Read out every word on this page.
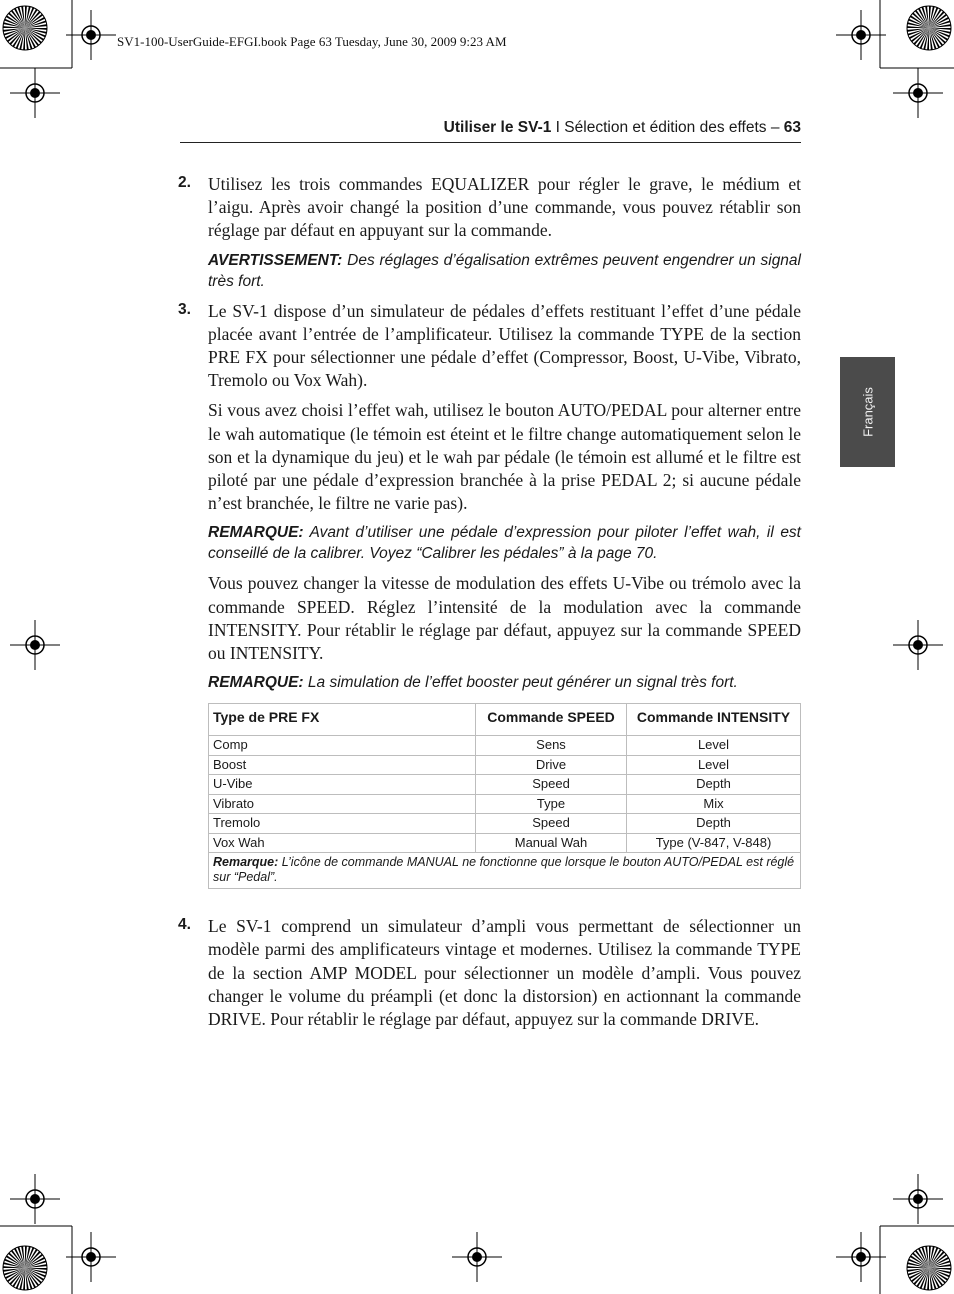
SV1-100-UserGuide-EFGI.book Page 63 Tuesday, June 30, 2009 9:23 AM
Utiliser le SV-1 I Sélection et édition des effets – 63
Français
2. Utilisez les trois commandes EQUALIZER pour régler le grave, le médium et l’aigu. Après avoir changé la position d’une commande, vous pouvez rétablir son réglage par défaut en appuyant sur la commande.

AVERTISSEMENT: Des réglages d’égalisation extrêmes peuvent engendrer un signal très fort.

3. Le SV-1 dispose d’un simulateur de pédales d’effets restituant l’effet d’une pédale placée avant l’entrée de l’amplificateur. Utilisez la commande TYPE de la section PRE FX pour sélectionner une pédale d’effet (Compressor, Boost, U-Vibe, Vibrato, Tremolo ou Vox Wah).

Si vous avez choisi l’effet wah, utilisez le bouton AUTO/PEDAL pour alterner entre le wah automatique (le témoin est éteint et le filtre change automatiquement selon le son et la dynamique du jeu) et le wah par pédale (le témoin est allumé et le filtre est piloté par une pédale d’expression branchée à la prise PEDAL 2; si aucune pédale n’est branchée, le filtre ne varie pas).

REMARQUE: Avant d’utiliser une pédale d’expression pour piloter l’effet wah, il est conseillé de la calibrer. Voyez “Calibrer les pédales” à la page 70.

Vous pouvez changer la vitesse de modulation des effets U-Vibe ou trémolo avec la commande SPEED. Réglez l’intensité de la modulation avec la commande INTENSITY. Pour rétablir le réglage par défaut, appuyez sur la commande SPEED ou INTENSITY.

REMARQUE: La simulation de l’effet booster peut générer un signal très fort.

Type de PRE FX	Commande SPEED	Commande INTENSITY
Comp	Sens	Level
Boost	Drive	Level
U-Vibe	Speed	Depth
Vibrato	Type	Mix
Tremolo	Speed	Depth
Vox Wah	Manual Wah	Type (V-847, V-848)
Remarque: L’icône de commande MANUAL ne fonctionne que lorsque le bouton AUTO/PEDAL est réglé sur “Pedal”.		
4. Le SV-1 comprend un simulateur d’ampli vous permettant de sélectionner un modèle parmi des amplificateurs vintage et modernes. Utilisez la commande TYPE de la section AMP MODEL pour sélectionner un modèle d’ampli. Vous pouvez changer le volume du préampli (et donc la distorsion) en actionnant la commande DRIVE. Pour rétablir le réglage par défaut, appuyez sur la commande DRIVE.
